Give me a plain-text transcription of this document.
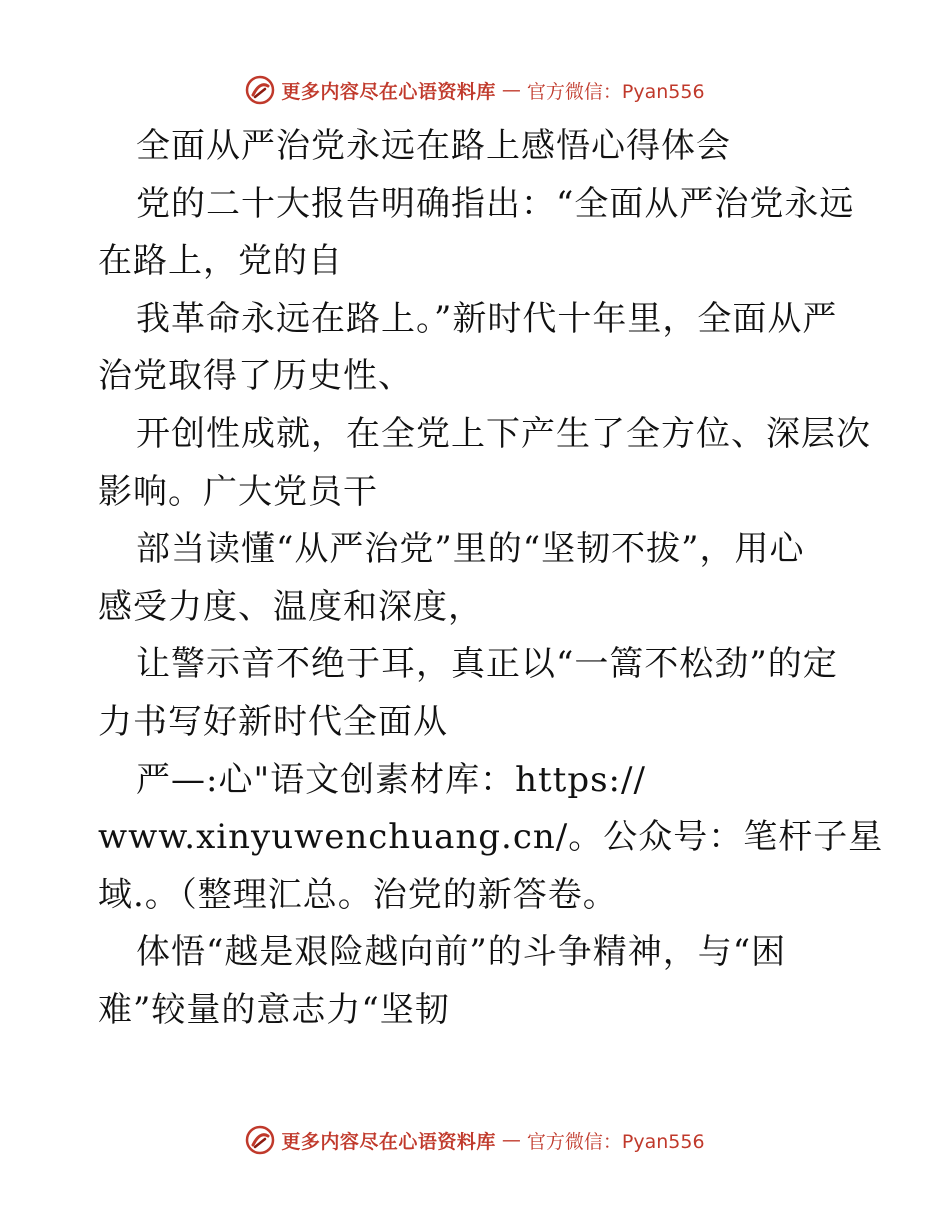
更多内容尽在心语资料库 — 官方微信：Pyan556
全面从严治党永远在路上感悟心得体会
党的二十大报告明确指出：“全面从严治党永远
在路上，党的自
我革命永远在路上。”新时代十年里，全面从严
治党取得了历史性、
开创性成就，在全党上下产生了全方位、深层次
影响。广大党员干
部当读懂“从严治党”里的“坚韧不拔”，用心
感受力度、温度和深度，
让警示音不绝于耳，真正以“一篙不松劲”的定
力书写好新时代全面从
严—:心"语文创素材库：https://
www.xinyuwenchuang.cn/。公众号：笔杆子星
域.。（整理汇总。治党的新答卷。
体悟“越是艰险越向前”的斗争精神，与“困
难”较量的意志力“坚韧
更多内容尽在心语资料库 — 官方微信：Pyan556
